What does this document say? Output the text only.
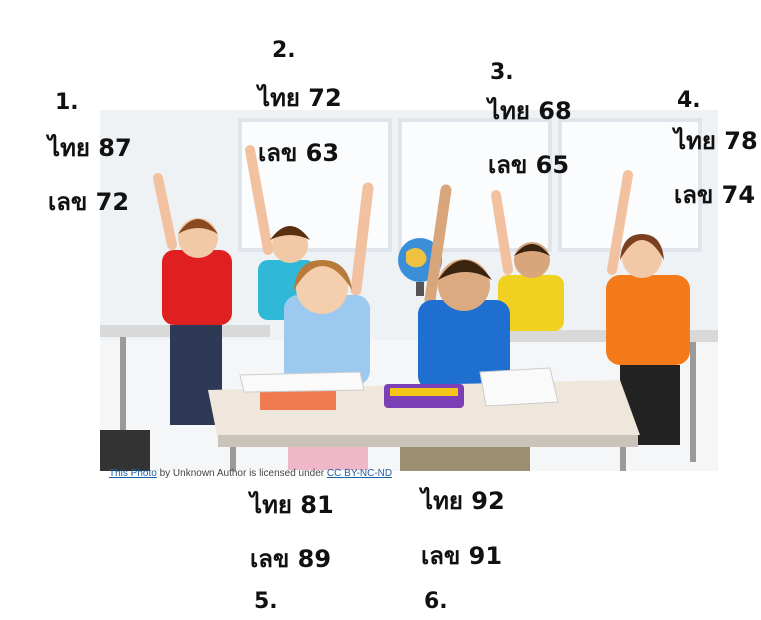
This Photo by Unknown Author is licensed under CC BY-NC-ND
1.
ไทย 87
เลข 72
2.
ไทย 72
เลข 63
3.
ไทย 68
เลข 65
4.
ไทย 78
เลข 74
ไทย 81
เลข 89
5.
ไทย 92
เลข 91
6.
